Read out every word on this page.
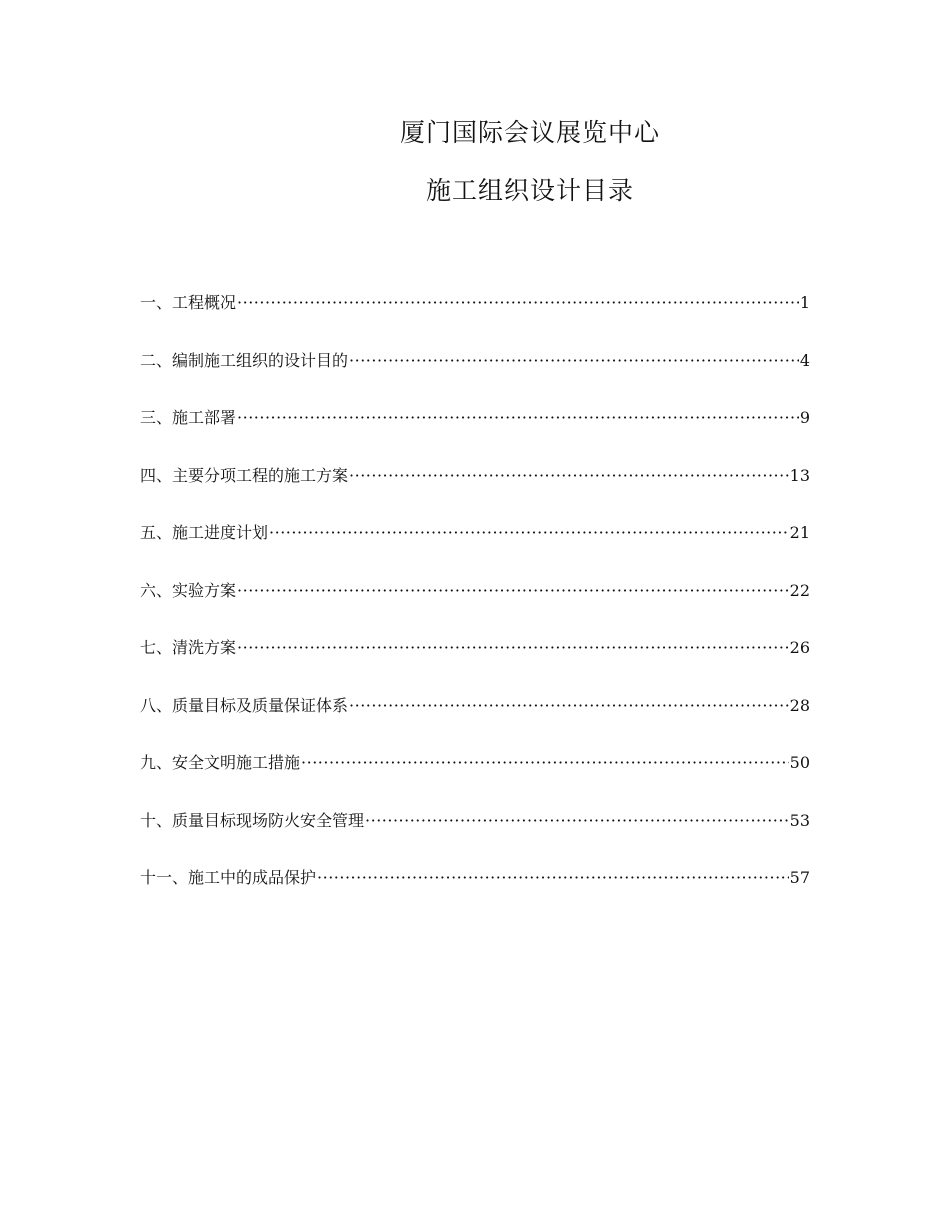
厦门国际会议展览中心
施工组织设计目录
一、工程概况 ·····	1
二、编制施工组织的设计目的 ·····	4
三、施工部署 ·····	9
四、主要分项工程的施工方案 ·····	13
五、施工进度计划 ·····	21
六、实验方案 ·····	22
七、清洗方案 ·····	26
八、质量目标及质量保证体系 ·····	28
九、安全文明施工措施 ·····	50
十、质量目标现场防火安全管理 ·····	53
十一、施工中的成品保护 ·····	57
